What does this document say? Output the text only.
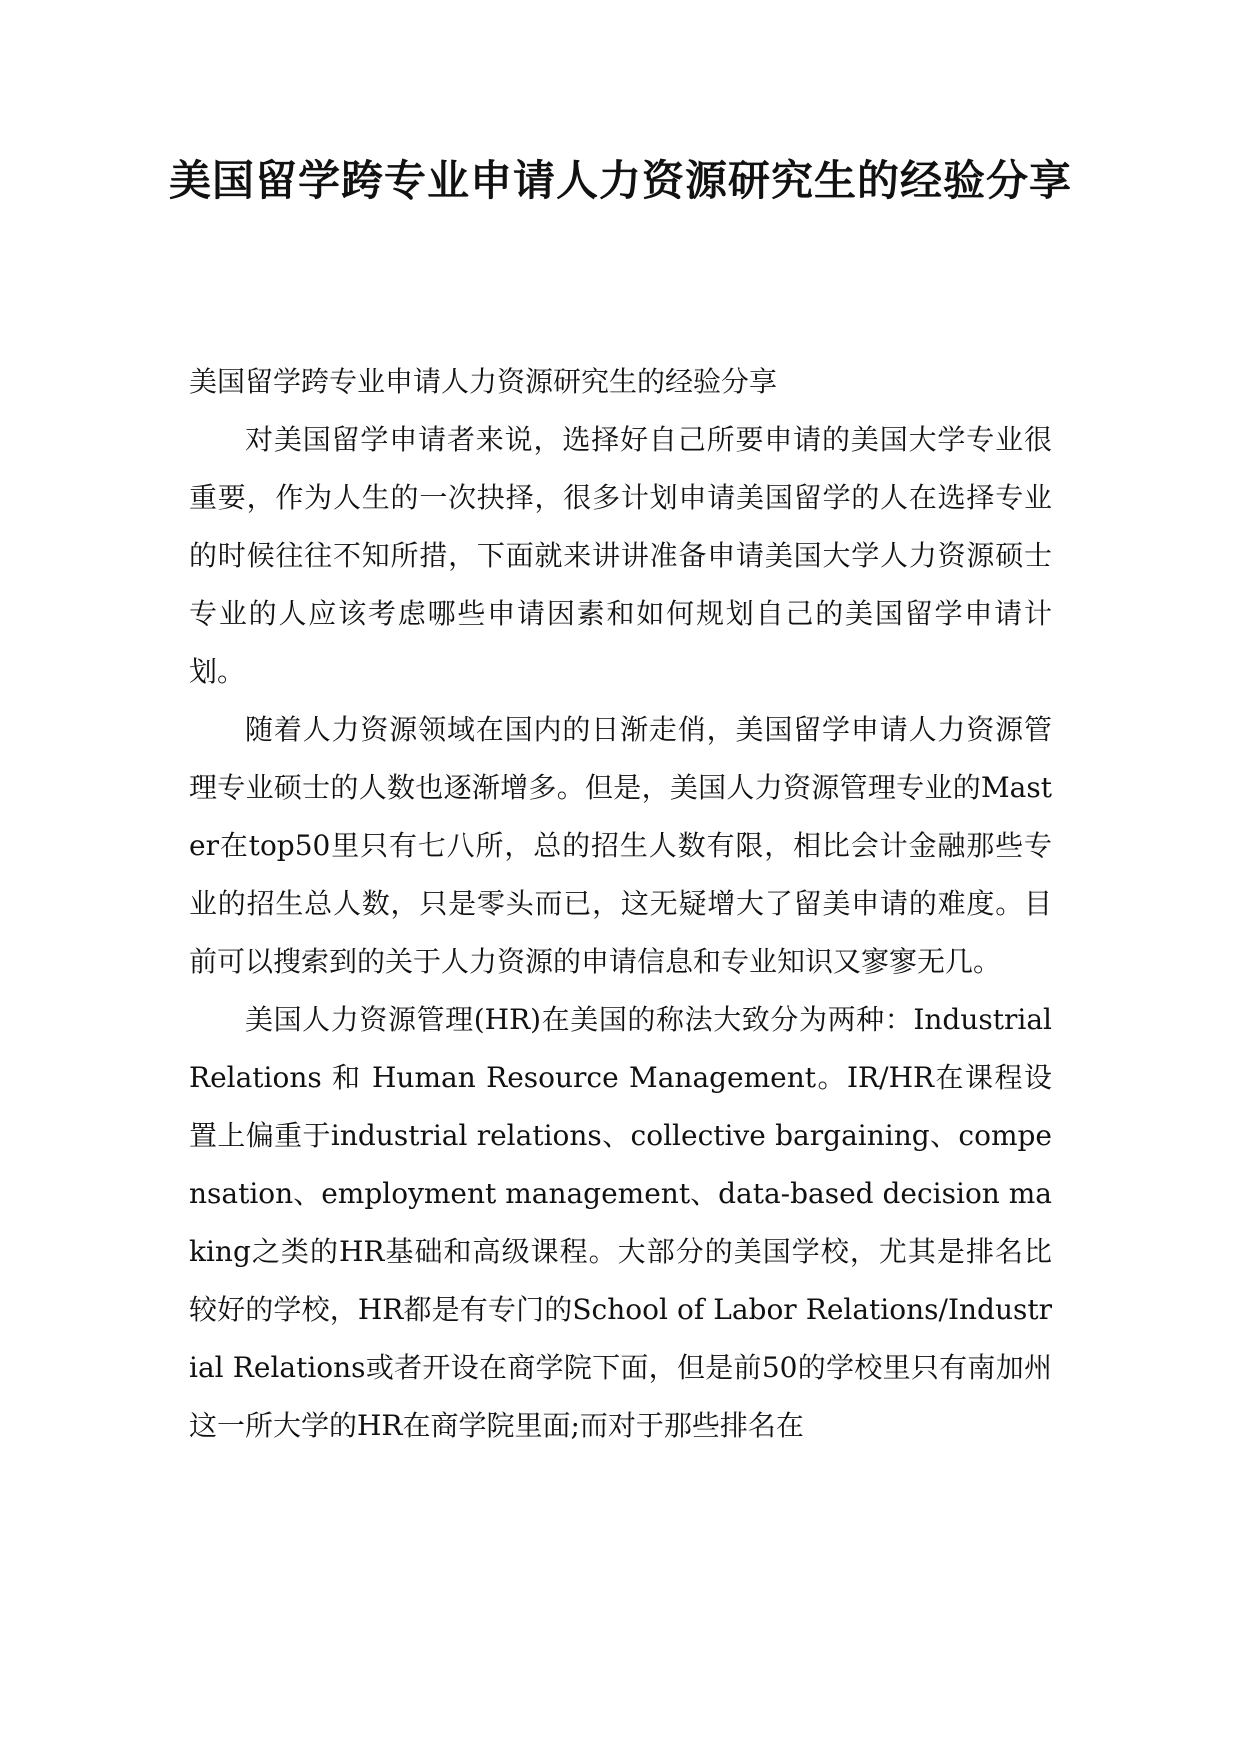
美国留学跨专业申请人力资源研究生的经验分享

美国留学跨专业申请人力资源研究生的经验分享

对美国留学申请者来说，选择好自己所要申请的美国大学专业很重要，作为人生的一次抉择，很多计划申请美国留学的人在选择专业的时候往往不知所措，下面就来讲讲准备申请美国大学人力资源硕士专业的人应该考虑哪些申请因素和如何规划自己的美国留学申请计划。

随着人力资源领域在国内的日渐走俏，美国留学申请人力资源管理专业硕士的人数也逐渐增多。但是，美国人力资源管理专业的Master在top50里只有七八所，总的招生人数有限，相比会计金融那些专业的招生总人数，只是零头而已，这无疑增大了留美申请的难度。目前可以搜索到的关于人力资源的申请信息和专业知识又寥寥无几。

美国人力资源管理(HR)在美国的称法大致分为两种：Industrial Relations 和 Human Resource Management。IR/HR在课程设置上偏重于industrial relations、collective bargaining、compensation、employment management、data-based decision making之类的HR基础和高级课程。大部分的美国学校，尤其是排名比较好的学校，HR都是有专门的School of Labor Relations/Industrial Relations或者开设在商学院下面，但是前50的学校里只有南加州这一所大学的HR在商学院里面;而对于那些排名在
